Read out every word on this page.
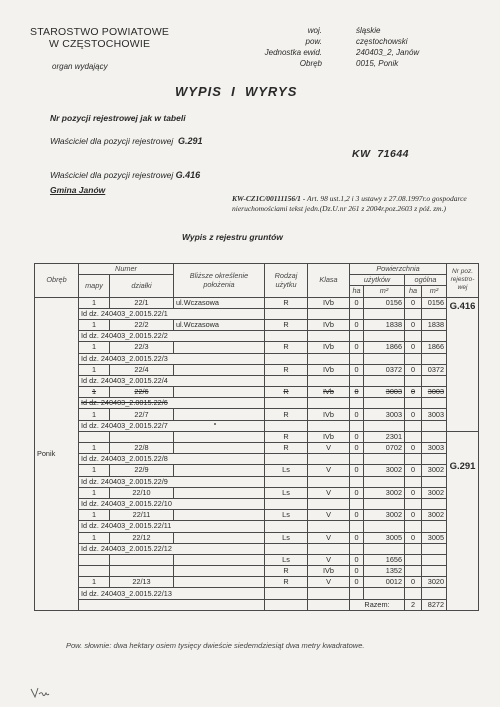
STAROSTWO POWIATOWE
W CZĘSTOCHOWIE
organ wydający
woj.	śląskie
pow.	częstochowski
Jednostka ewid.	240403_2, Janów
Obręb	0015, Ponik
WYPIS  I  WYRYS
Nr pozycji rejestrowej jak w tabeli
Właściciel dla pozycji rejestrowej G.291
KW  71644
Właściciel dla pozycji rejestrowej G.416
Gmina Janów
KW-CZ1C/00111156/1 - Art. 98 ust.1,2 i 3 ustawy z 27.08.1997r.o gospodarce nieruchomościami tekst jedn.(Dz.U.nr 261 z 2004r.poz.2603 z póź. zm.)
Wypis z rejestru gruntów
Obręb	Numer		Bliższe określenie położenia	Rodzaj użytku	Klasa	Powierzchnia				Nr poz. rejestro-wej
	mapy	działki				użytków		ogólna		
						ha	m²	ha	m²	
Ponik	1	22/1	ul.Wczasowa	R	IVb	0	0156	0	0156	G.416
	Id dz. 240403_2.0015.22/1									
	1	22/2	ul.Wczasowa	R	IVb	0	1838	0	1838	
	Id dz. 240403_2.0015.22/2									
	1	22/3		R	IVb	0	1866	0	1866	
	Id dz. 240403_2.0015.22/3									
	1	22/4		R	IVb	0	0372	0	0372	
	Id dz. 240403_2.0015.22/4									
	1	22/6		R	IVb	0	3003	0	3003	
	Id dz. 240403_2.0015.22/6									
	1	22/7		R	IVb	0	3003	0	3003	
	Id dz. 240403_2.0015.22/7									
				R	IVb	0	2301			G.291
	1	22/8		R	V	0	0702	0	3003	
	Id dz. 240403_2.0015.22/8									
	1	22/9		Ls	V	0	3002	0	3002	
	Id dz. 240403_2.0015.22/9									
	1	22/10		Ls	V	0	3002	0	3002	
	Id dz. 240403_2.0015.22/10									
	1	22/11		Ls	V	0	3002	0	3002	
	Id dz. 240403_2.0015.22/11									
	1	22/12		Ls	V	0	3005	0	3005	
	Id dz. 240403_2.0015.22/12									
				Ls	V	0	1656			
				R	IVb	0	1352			
	1	22/13		R	V	0	0012	0	3020	
	Id dz. 240403_2.0015.22/13									
						Razem:		2	8272	
Pow. słownie: dwa hektary osiem tysięcy dwieście siedemdziesiąt dwa metry kwadratowe.
